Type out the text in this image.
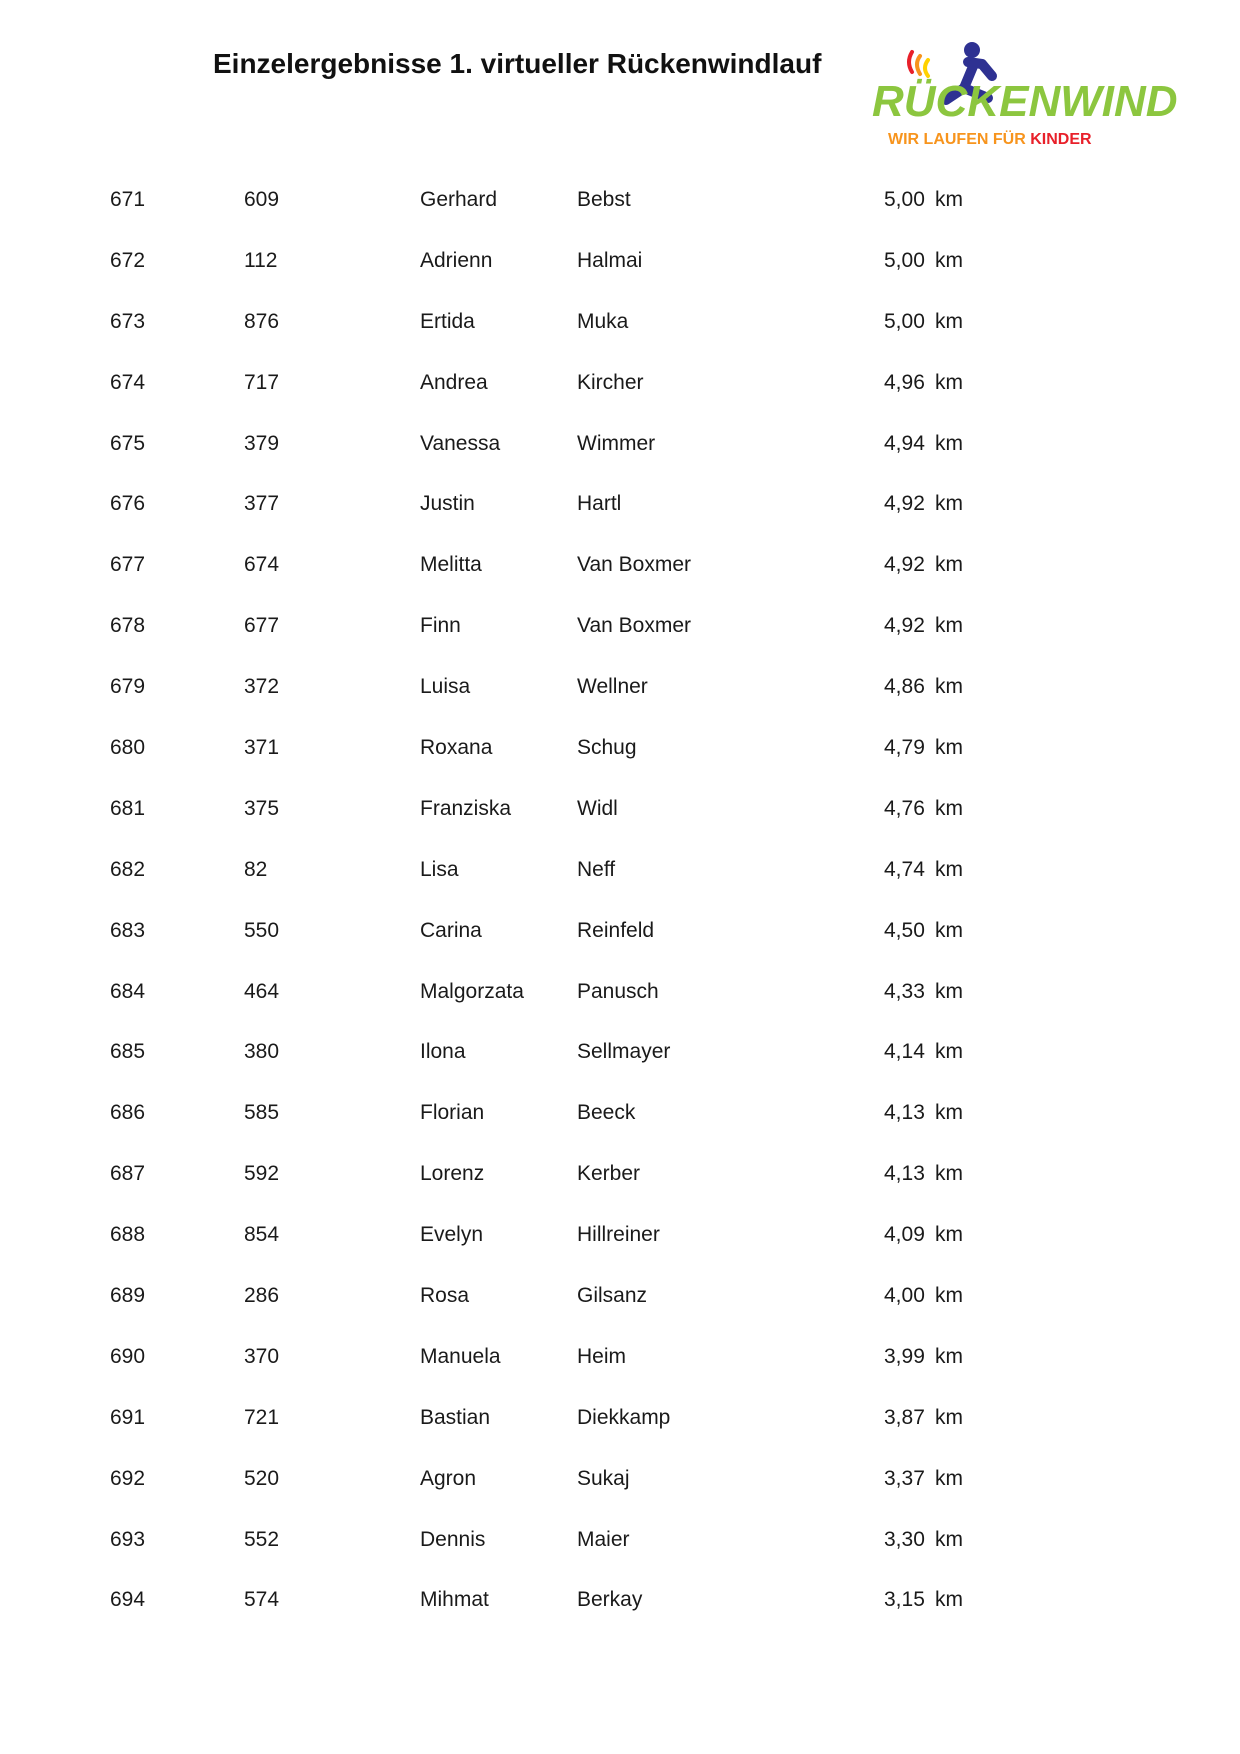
Einzelergebnisse 1. virtueller Rückenwindlauf
RÜCKENWIND
WIR LAUFEN FÜR KINDER
671	609	Gerhard	Bebst	5,00 km
672	112	Adrienn	Halmai	5,00 km
673	876	Ertida	Muka	5,00 km
674	717	Andrea	Kircher	4,96 km
675	379	Vanessa	Wimmer	4,94 km
676	377	Justin	Hartl	4,92 km
677	674	Melitta	Van Boxmer	4,92 km
678	677	Finn	Van Boxmer	4,92 km
679	372	Luisa	Wellner	4,86 km
680	371	Roxana	Schug	4,79 km
681	375	Franziska	Widl	4,76 km
682	82	Lisa	Neff	4,74 km
683	550	Carina	Reinfeld	4,50 km
684	464	Malgorzata	Panusch	4,33 km
685	380	Ilona	Sellmayer	4,14 km
686	585	Florian	Beeck	4,13 km
687	592	Lorenz	Kerber	4,13 km
688	854	Evelyn	Hillreiner	4,09 km
689	286	Rosa	Gilsanz	4,00 km
690	370	Manuela	Heim	3,99 km
691	721	Bastian	Diekkamp	3,87 km
692	520	Agron	Sukaj	3,37 km
693	552	Dennis	Maier	3,30 km
694	574	Mihmat	Berkay	3,15 km
